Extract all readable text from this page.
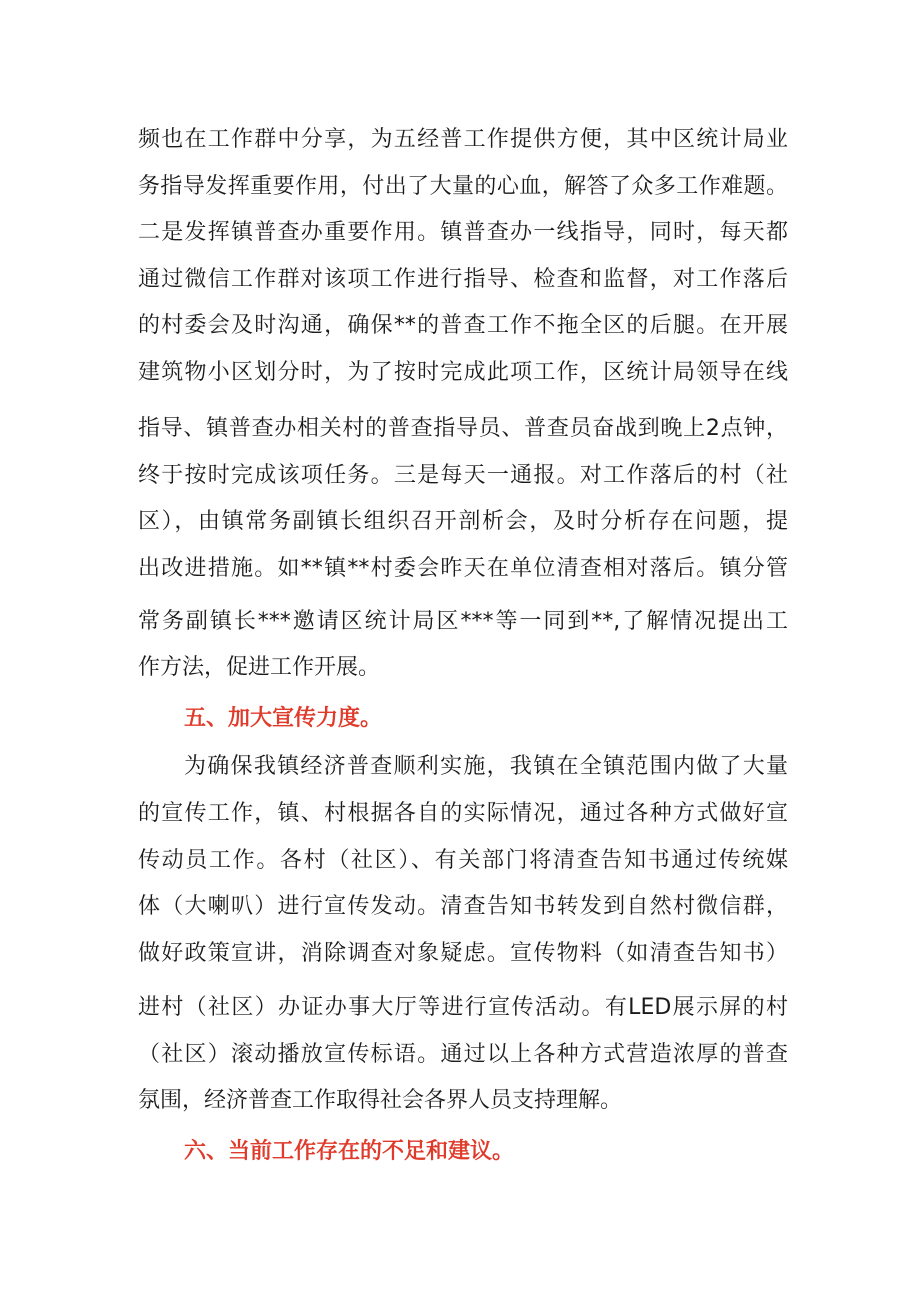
频也在工作群中分享，为五经普工作提供方便，其中区统计局业
务指导发挥重要作用，付出了大量的心血，解答了众多工作难题。
二是发挥镇普查办重要作用。镇普查办一线指导，同时，每天都
通过微信工作群对该项工作进行指导、检查和监督，对工作落后
的村委会及时沟通，确保**的普查工作不拖全区的后腿。在开展
建筑物小区划分时，为了按时完成此项工作，区统计局领导在线
指导、镇普查办相关村的普查指导员、普查员奋战到晚上2点钟，
终于按时完成该项任务。三是每天一通报。对工作落后的村（社
区），由镇常务副镇长组织召开剖析会，及时分析存在问题，提
出改进措施。如**镇**村委会昨天在单位清查相对落后。镇分管
常务副镇长***邀请区统计局区***等一同到**,了解情况提出工
作方法，促进工作开展。
五、加大宣传力度。
为确保我镇经济普查顺利实施，我镇在全镇范围内做了大量
的宣传工作，镇、村根据各自的实际情况，通过各种方式做好宣
传动员工作。各村（社区）、有关部门将清查告知书通过传统媒
体（大喇叭）进行宣传发动。清查告知书转发到自然村微信群，
做好政策宣讲，消除调查对象疑虑。宣传物料（如清查告知书）
进村（社区）办证办事大厅等进行宣传活动。有LED展示屏的村
（社区）滚动播放宣传标语。通过以上各种方式营造浓厚的普查
氛围，经济普查工作取得社会各界人员支持理解。
六、当前工作存在的不足和建议。
